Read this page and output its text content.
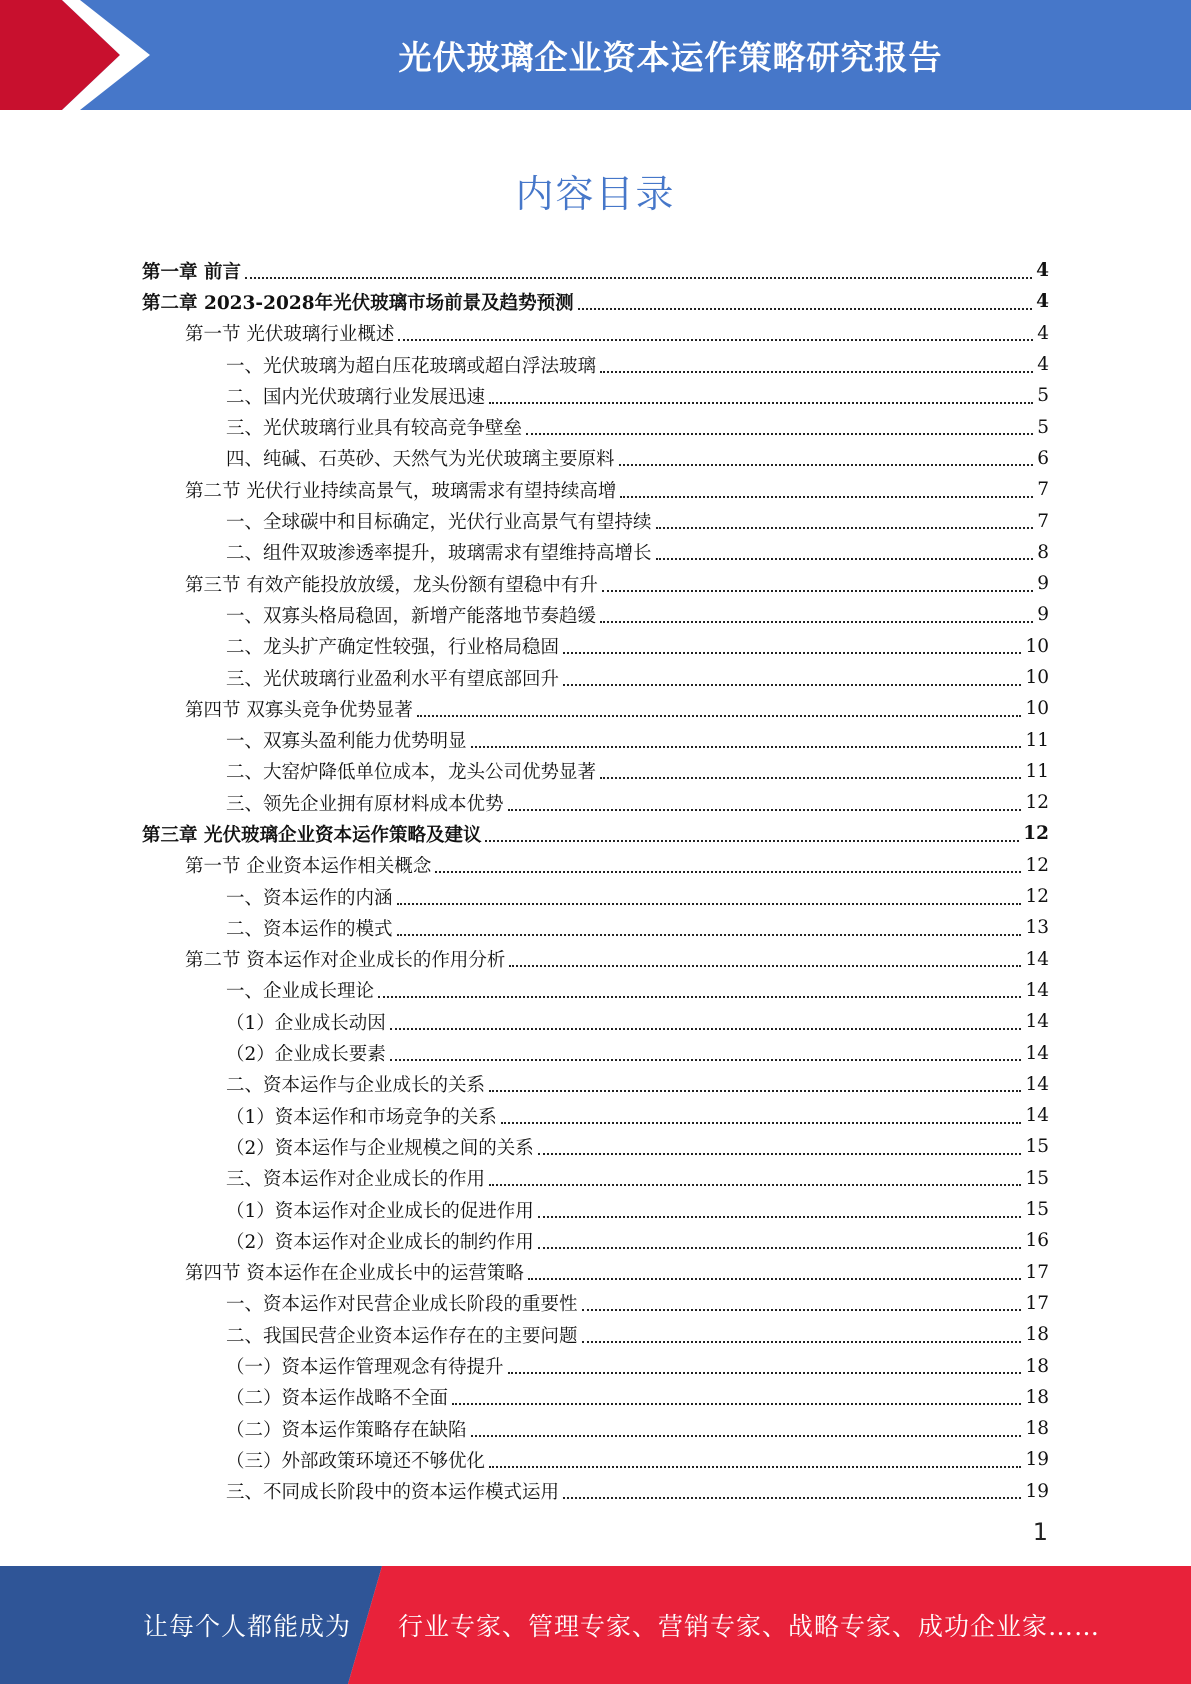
光伏玻璃企业资本运作策略研究报告
内容目录
第一章 前言	4
第二章 2023-2028年光伏玻璃市场前景及趋势预测	4
第一节 光伏玻璃行业概述	4
一、光伏玻璃为超白压花玻璃或超白浮法玻璃	4
二、国内光伏玻璃行业发展迅速	5
三、光伏玻璃行业具有较高竞争壁垒	5
四、纯碱、石英砂、天然气为光伏玻璃主要原料	6
第二节 光伏行业持续高景气，玻璃需求有望持续高增	7
一、全球碳中和目标确定，光伏行业高景气有望持续	7
二、组件双玻渗透率提升，玻璃需求有望维持高增长	8
第三节 有效产能投放放缓，龙头份额有望稳中有升	9
一、双寡头格局稳固，新增产能落地节奏趋缓	9
二、龙头扩产确定性较强，行业格局稳固	10
三、光伏玻璃行业盈利水平有望底部回升	10
第四节 双寡头竞争优势显著	10
一、双寡头盈利能力优势明显	11
二、大窑炉降低单位成本，龙头公司优势显著	11
三、领先企业拥有原材料成本优势	12
第三章 光伏玻璃企业资本运作策略及建议	12
第一节 企业资本运作相关概念	12
一、资本运作的内涵	12
二、资本运作的模式	13
第二节 资本运作对企业成长的作用分析	14
一、企业成长理论	14
（1）企业成长动因	14
（2）企业成长要素	14
二、资本运作与企业成长的关系	14
（1）资本运作和市场竞争的关系	14
（2）资本运作与企业规模之间的关系	15
三、资本运作对企业成长的作用	15
（1）资本运作对企业成长的促进作用	15
（2）资本运作对企业成长的制约作用	16
第四节 资本运作在企业成长中的运营策略	17
一、资本运作对民营企业成长阶段的重要性	17
二、我国民营企业资本运作存在的主要问题	18
（一）资本运作管理观念有待提升	18
（二）资本运作战略不全面	18
（二）资本运作策略存在缺陷	18
（三）外部政策环境还不够优化	19
三、不同成长阶段中的资本运作模式运用	19
1
让每个人都能成为 行业专家、管理专家、营销专家、战略专家、成功企业家……
